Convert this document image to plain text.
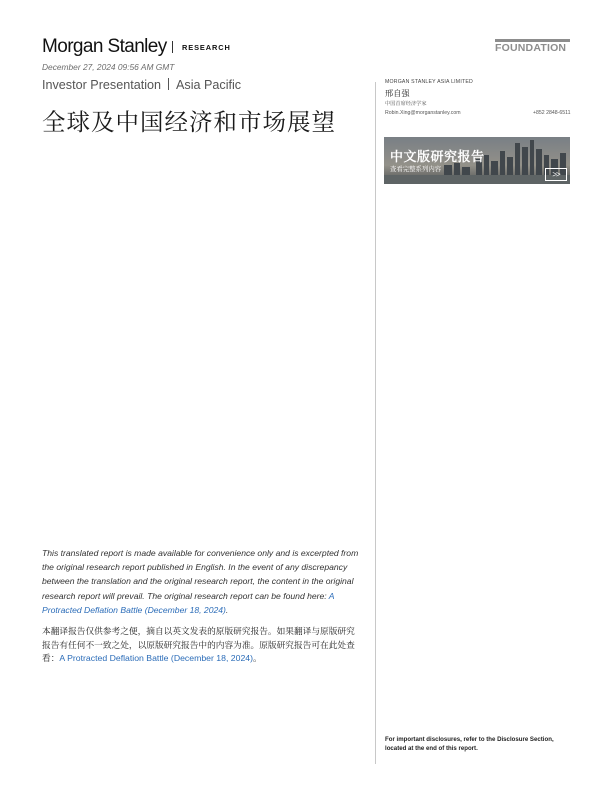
Morgan Stanley RESEARCH	FOUNDATION
December 27, 2024 09:56 AM GMT
Investor Presentation Asia Pacific
全球及中国经济和市场展望
MORGAN STANLEY ASIA LIMITED
邢自强
中国首席经济学家
Robin.Xing@morganstanley.com	+852 2848-6511
中文版研究报告
查看完整系列内容
>>
This translated report is made available for convenience only and is excerpted from the original research report published in English. In the event of any discrepancy between the translation and the original research report, the content in the original research report will prevail. The original research report can be found here: A Protracted Deflation Battle (December 18, 2024).
本翻译报告仅供参考之便，摘自以英文发表的原版研究报告。如果翻译与原版研究报告有任何不一致之处，以原版研究报告中的内容为准。原版研究报告可在此处查看：A Protracted Deflation Battle (December 18, 2024)。
For important disclosures, refer to the Disclosure Section, located at the end of this report.
